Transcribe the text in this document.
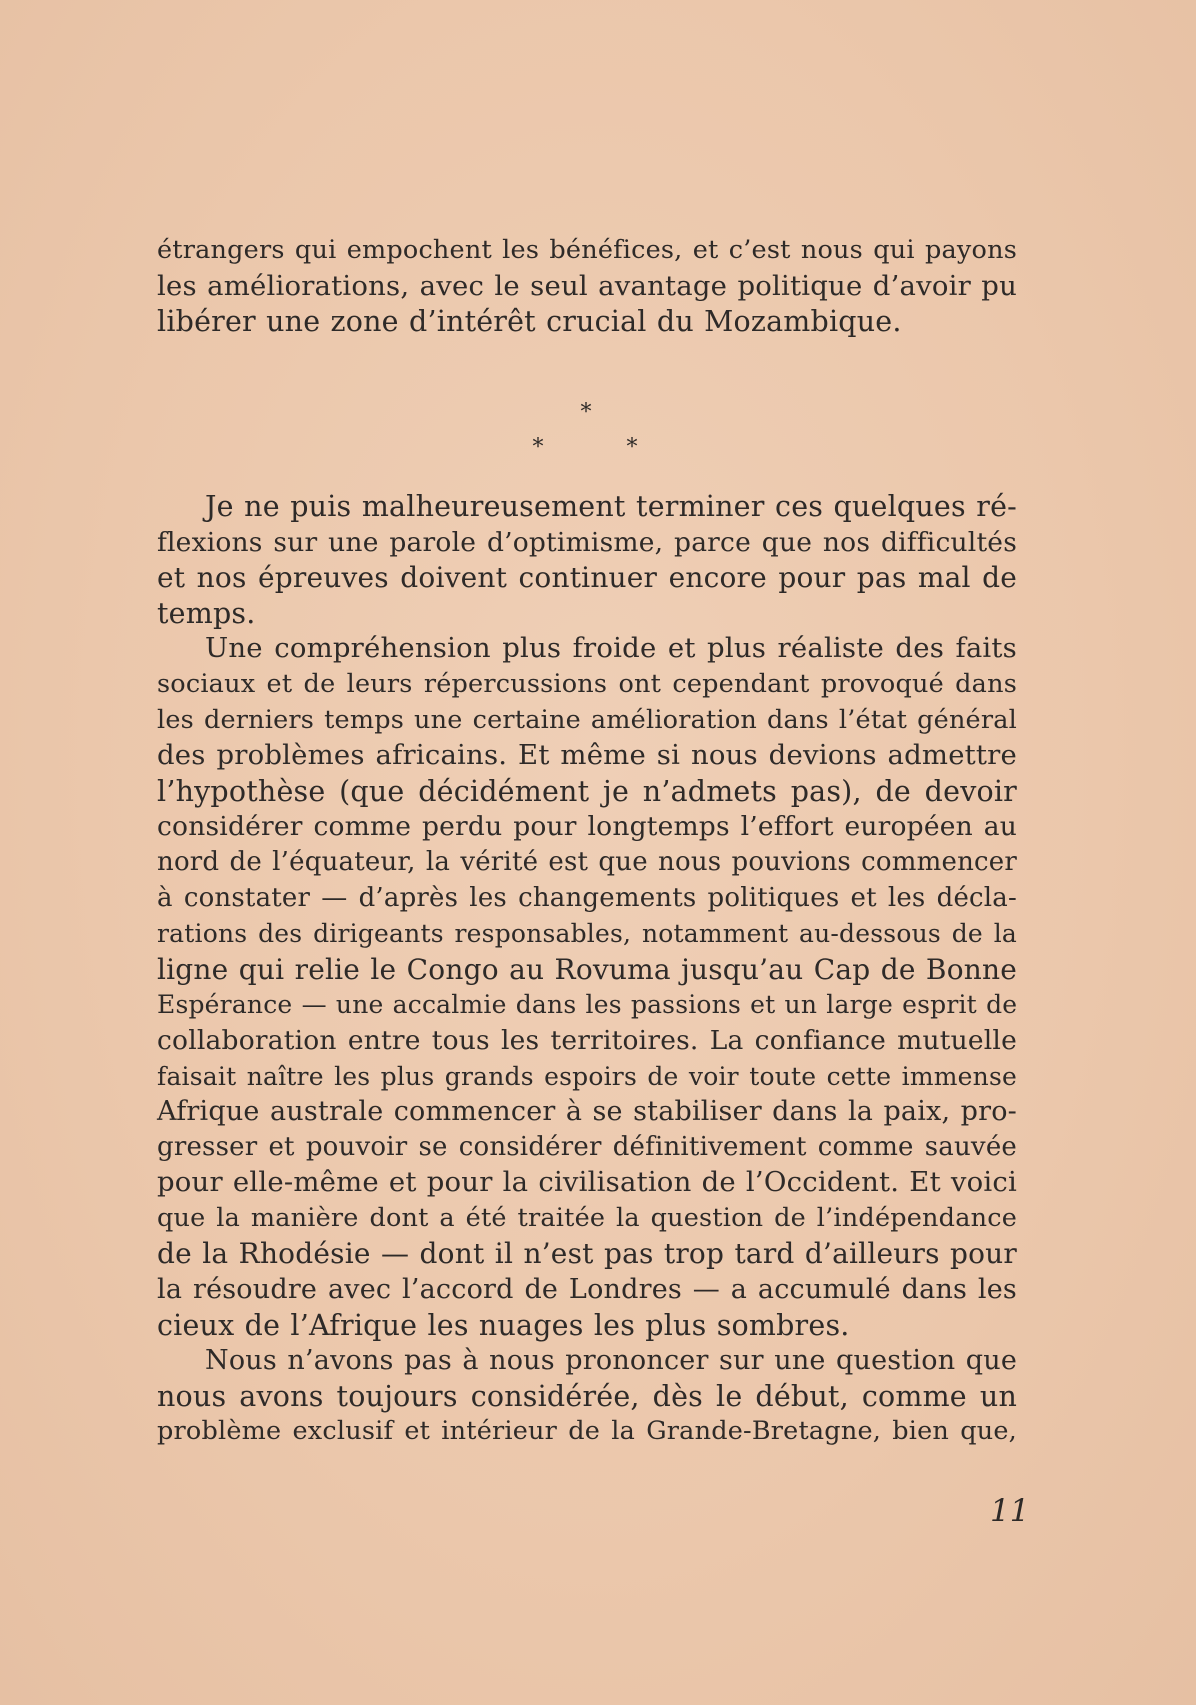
étrangers qui empochent les bénéfices, et c’est nous qui payons
les améliorations, avec le seul avantage politique d’avoir pu
libérer une zone d’intérêt crucial du Mozambique.
*
*	*
Je ne puis malheureusement terminer ces quelques ré-
flexions sur une parole d’optimisme, parce que nos difficultés
et nos épreuves doivent continuer encore pour pas mal de
temps.
Une compréhension plus froide et plus réaliste des faits
sociaux et de leurs répercussions ont cependant provoqué dans
les derniers temps une certaine amélioration dans l’état général
des problèmes africains. Et même si nous devions admettre
l’hypothèse (que décidément je n’admets pas), de devoir
considérer comme perdu pour longtemps l’effort européen au
nord de l’équateur, la vérité est que nous pouvions commencer
à constater — d’après les changements politiques et les décla-
rations des dirigeants responsables, notamment au-dessous de la
ligne qui relie le Congo au Rovuma jusqu’au Cap de Bonne
Espérance — une accalmie dans les passions et un large esprit de
collaboration entre tous les territoires. La confiance mutuelle
faisait naître les plus grands espoirs de voir toute cette immense
Afrique australe commencer à se stabiliser dans la paix, pro-
gresser et pouvoir se considérer définitivement comme sauvée
pour elle-même et pour la civilisation de l’Occident. Et voici
que la manière dont a été traitée la question de l’indépendance
de la Rhodésie — dont il n’est pas trop tard d’ailleurs pour
la résoudre avec l’accord de Londres — a accumulé dans les
cieux de l’Afrique les nuages les plus sombres.
Nous n’avons pas à nous prononcer sur une question que
nous avons toujours considérée, dès le début, comme un
problème exclusif et intérieur de la Grande-Bretagne, bien que,
11
